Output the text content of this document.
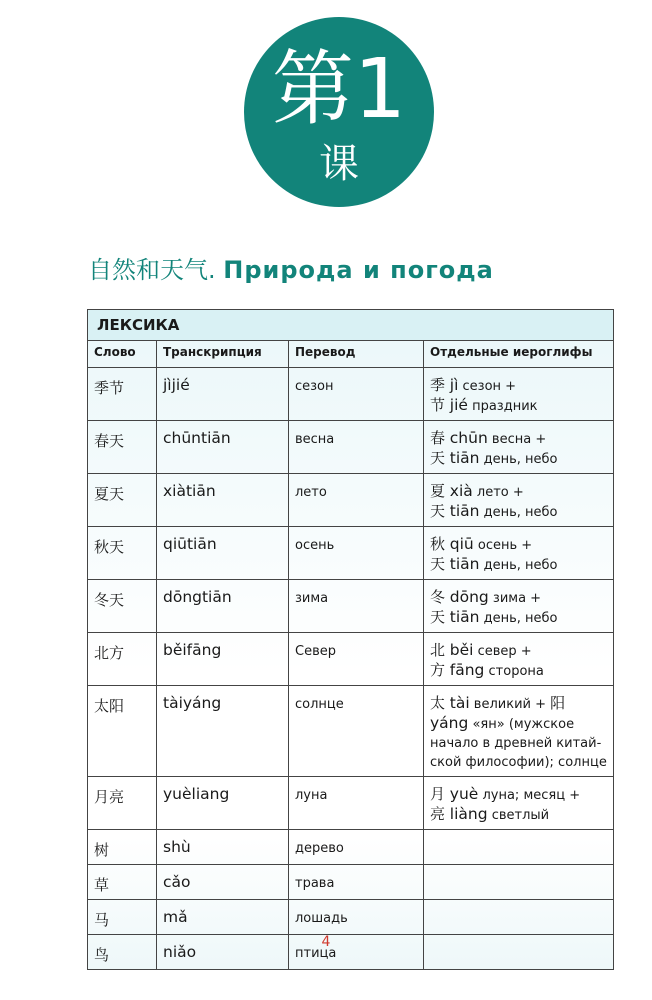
第1
课
自然和天气. Природа и погода
ЛЕКСИКА
Слово	Транскрипция	Перевод	Отдельные иероглифы
季节	jìjié	сезон	季 jì сезон +
节 jié праздник

春天	chūntiān	весна	春 chūn весна +
天 tiān день, небо

夏天	xiàtiān	лето	夏 xià лето +
天 tiān день, небо

秋天	qiūtiān	осень	秋 qiū осень +
天 tiān день, небо

冬天	dōngtiān	зима	冬 dōng зима +
天 tiān день, небо

北方	běifāng	Север	北 běi север +
方 fāng сторона

太阳	tàiyáng	солнце	太 tài великий + 阳
yáng «ян» (мужское
начало в древней китай-
ской философии); солнце

月亮	yuèliang	луна	月 yuè луна; месяц +
亮 liàng светлый

树	shù	дерево	
草	cǎo	трава	
马	mǎ	лошадь	
鸟	niǎo	птица	
4
